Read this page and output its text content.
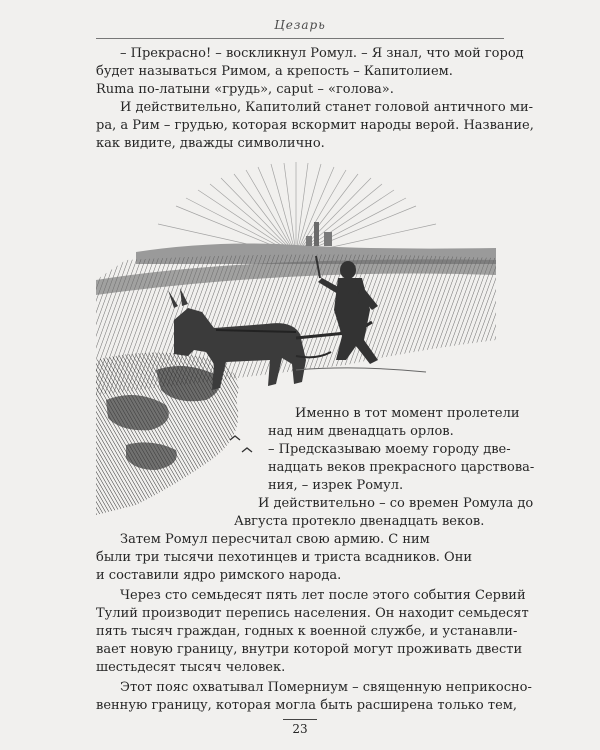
Цезарь
– Прекрасно! – воскликнул Ромул. – Я знал, что мой город
будет называться Римом, а крепость – Капитолием.
Ruma по-латыни «грудь», caput – «голова».
И действительно, Капитолий станет головой античного ми-
ра, а Рим – грудью, которая вскормит народы верой. Название,
как видите, дважды символично.
Именно в тот момент пролетели
над ним двенадцать орлов.
– Предсказываю моему городу две-
надцать веков прекрасного царствова-
ния, – изрек Ромул.
И действительно – со времен Ромула до
Августа протекло двенадцать веков.
Затем Ромул пересчитал свою армию. С ним
были три тысячи пехотинцев и триста всадников. Они
и составили ядро римского народа.
Через сто семьдесят пять лет после этого события Сервий
Тулий производит перепись населения. Он находит семьдесят
пять тысяч граждан, годных к военной службе, и устанавли-
вает новую границу, внутри которой могут проживать двести
шестьдесят тысяч человек.
Этот пояс охватывал Померниум – священную неприкосно-
венную границу, которая могла быть расширена только тем,
23
